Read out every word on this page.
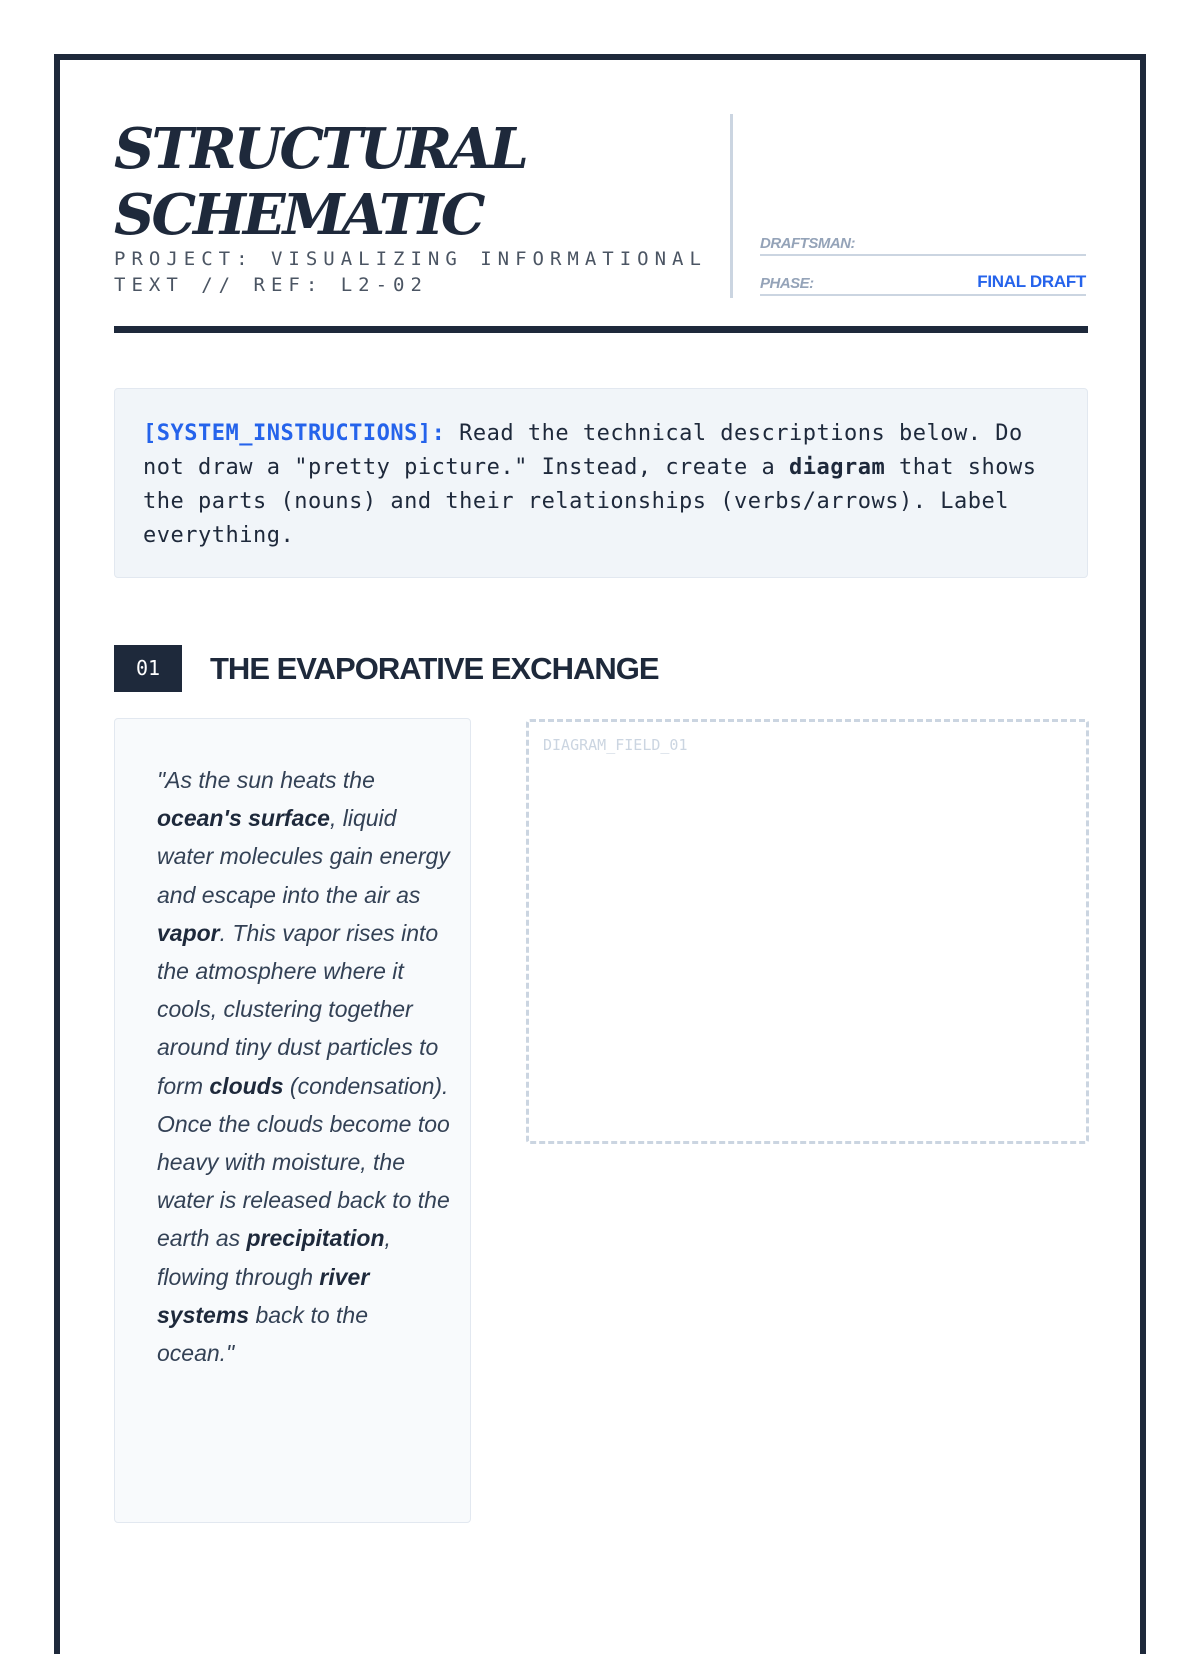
STRUCTURAL
SCHEMATIC
PROJECT: VISUALIZING INFORMATIONAL TEXT // REF: L2-02
DRAFTSMAN:
PHASE:	FINAL DRAFT
[SYSTEM_INSTRUCTIONS]: Read the technical descriptions below. Do not draw a "pretty picture." Instead, create a diagram that shows the parts (nouns) and their relationships (verbs/arrows). Label everything.
01	THE EVAPORATIVE EXCHANGE
"As the sun heats the ocean's surface, liquid water molecules gain energy and escape into the air as vapor. This vapor rises into the atmosphere where it cools, clustering together around tiny dust particles to form clouds (condensation). Once the clouds become too heavy with moisture, the water is released back to the earth as precipitation, flowing through river systems back to the ocean."
DIAGRAM_FIELD_01
